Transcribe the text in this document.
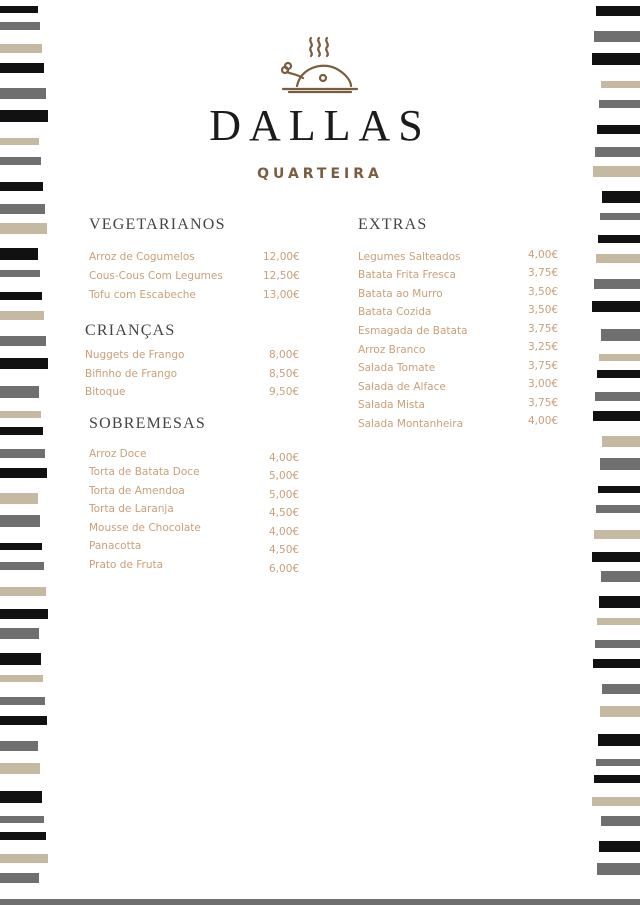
DALLAS
QUARTEIRA
VEGETARIANOS
Arroz de Cogumelos	12,00€
Cous-Cous Com Legumes	12,50€
Tofu com Escabeche	13,00€
CRIANÇAS
Nuggets de Frango	8,00€
Bifinho de Frango	8,50€
Bitoque	9,50€
SOBREMESAS
Arroz Doce	4,00€
Torta de Batata Doce	5,00€
Torta de Amendoa	5,00€
Torta de Laranja	4,50€
Mousse de Chocolate	4,00€
Panacotta	4,50€
Prato de Fruta	6,00€
EXTRAS
Legumes Salteados	4,00€
Batata Frita Fresca	3,75€
Batata ao Murro	3,50€
Batata Cozida	3,50€
Esmagada de Batata	3,75€
Arroz Branco	3,25€
Salada Tomate	3,75€
Salada de Alface	3,00€
Salada Mista	3,75€
Salada Montanheira	4,00€
